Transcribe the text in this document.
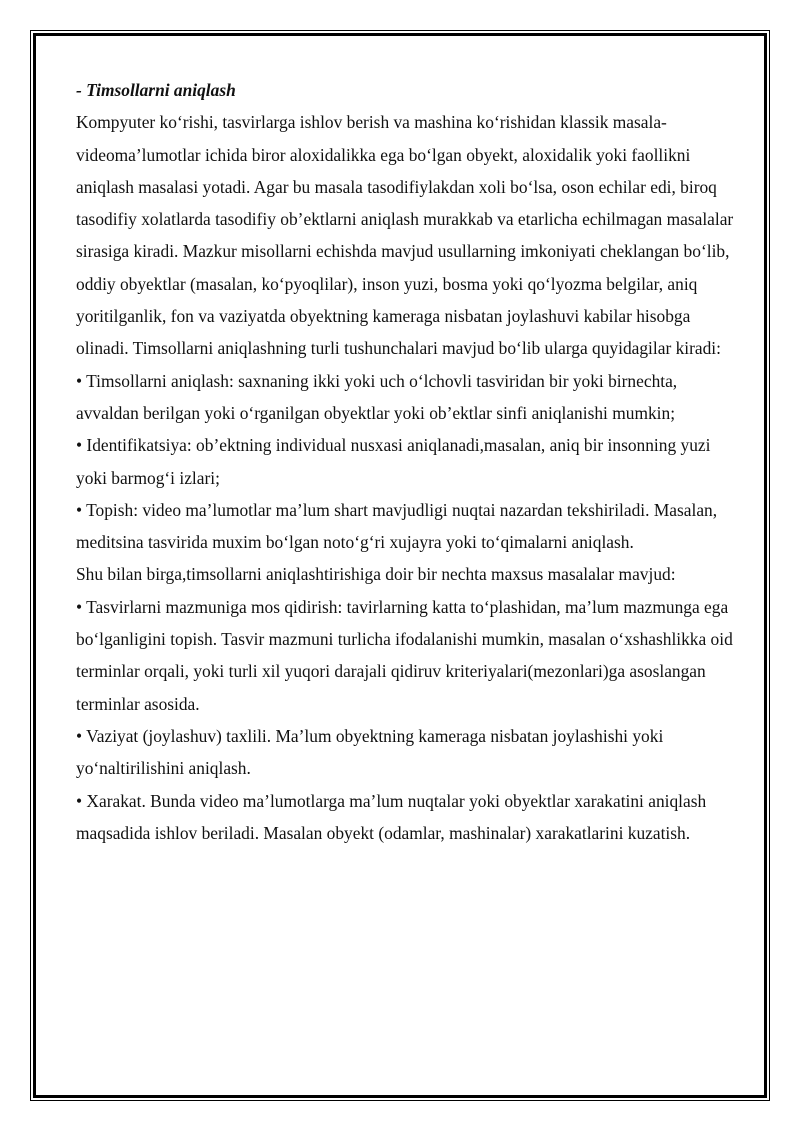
- Timsollarni aniqlash

Kompyuter ko‘rishi, tasvirlarga ishlov berish va mashina ko‘rishidan klassik masala- videoma’lumotlar ichida biror aloxidalikka ega bo‘lgan obyekt, aloxidalik yoki faollikni aniqlash masalasi yotadi. Agar bu masala tasodifiylakdan xoli bo‘lsa, oson echilar edi, biroq tasodifiy xolatlarda tasodifiy ob’ektlarni aniqlash murakkab va etarlicha echilmagan masalalar sirasiga kiradi. Mazkur misollarni echishda mavjud usullarning imkoniyati cheklangan bo‘lib, oddiy obyektlar (masalan, ko‘pyoqlilar), inson yuzi, bosma yoki qo‘lyozma belgilar, aniq yoritilganlik, fon va vaziyatda obyektning kameraga nisbatan joylashuvi kabilar hisobga olinadi. Timsollarni aniqlashning turli tushunchalari mavjud bo‘lib ularga quyidagilar kiradi:

• Timsollarni aniqlash: saxnaning ikki yoki uch o‘lchovli tasviridan bir yoki birnechta, avvaldan berilgan yoki o‘rganilgan obyektlar yoki ob’ektlar sinfi aniqlanishi mumkin;

• Identifikatsiya: ob’ektning individual nusxasi aniqlanadi,masalan, aniq bir insonning yuzi yoki barmog‘i izlari;

• Topish: video ma’lumotlar ma’lum shart mavjudligi nuqtai nazardan tekshiriladi. Masalan, meditsina tasvirida muxim bo‘lgan noto‘g‘ri xujayra yoki to‘qimalarni aniqlash.

Shu bilan birga,timsollarni aniqlashtirishiga doir bir nechta maxsus masalalar mavjud:

• Tasvirlarni mazmuniga mos qidirish: tavirlarning katta to‘plashidan, ma’lum mazmunga ega bo‘lganligini topish. Tasvir mazmuni turlicha ifodalanishi mumkin, masalan o‘xshashlikka oid terminlar orqali, yoki turli xil yuqori darajali qidiruv kriteriyalari(mezonlari)ga asoslangan terminlar asosida.

• Vaziyat (joylashuv) taxlili. Ma’lum obyektning kameraga nisbatan joylashishi yoki yo‘naltirilishini aniqlash.

• Xarakat. Bunda video ma’lumotlarga ma’lum nuqtalar yoki obyektlar xarakatini aniqlash maqsadida ishlov beriladi. Masalan obyekt (odamlar, mashinalar) xarakatlarini kuzatish.
